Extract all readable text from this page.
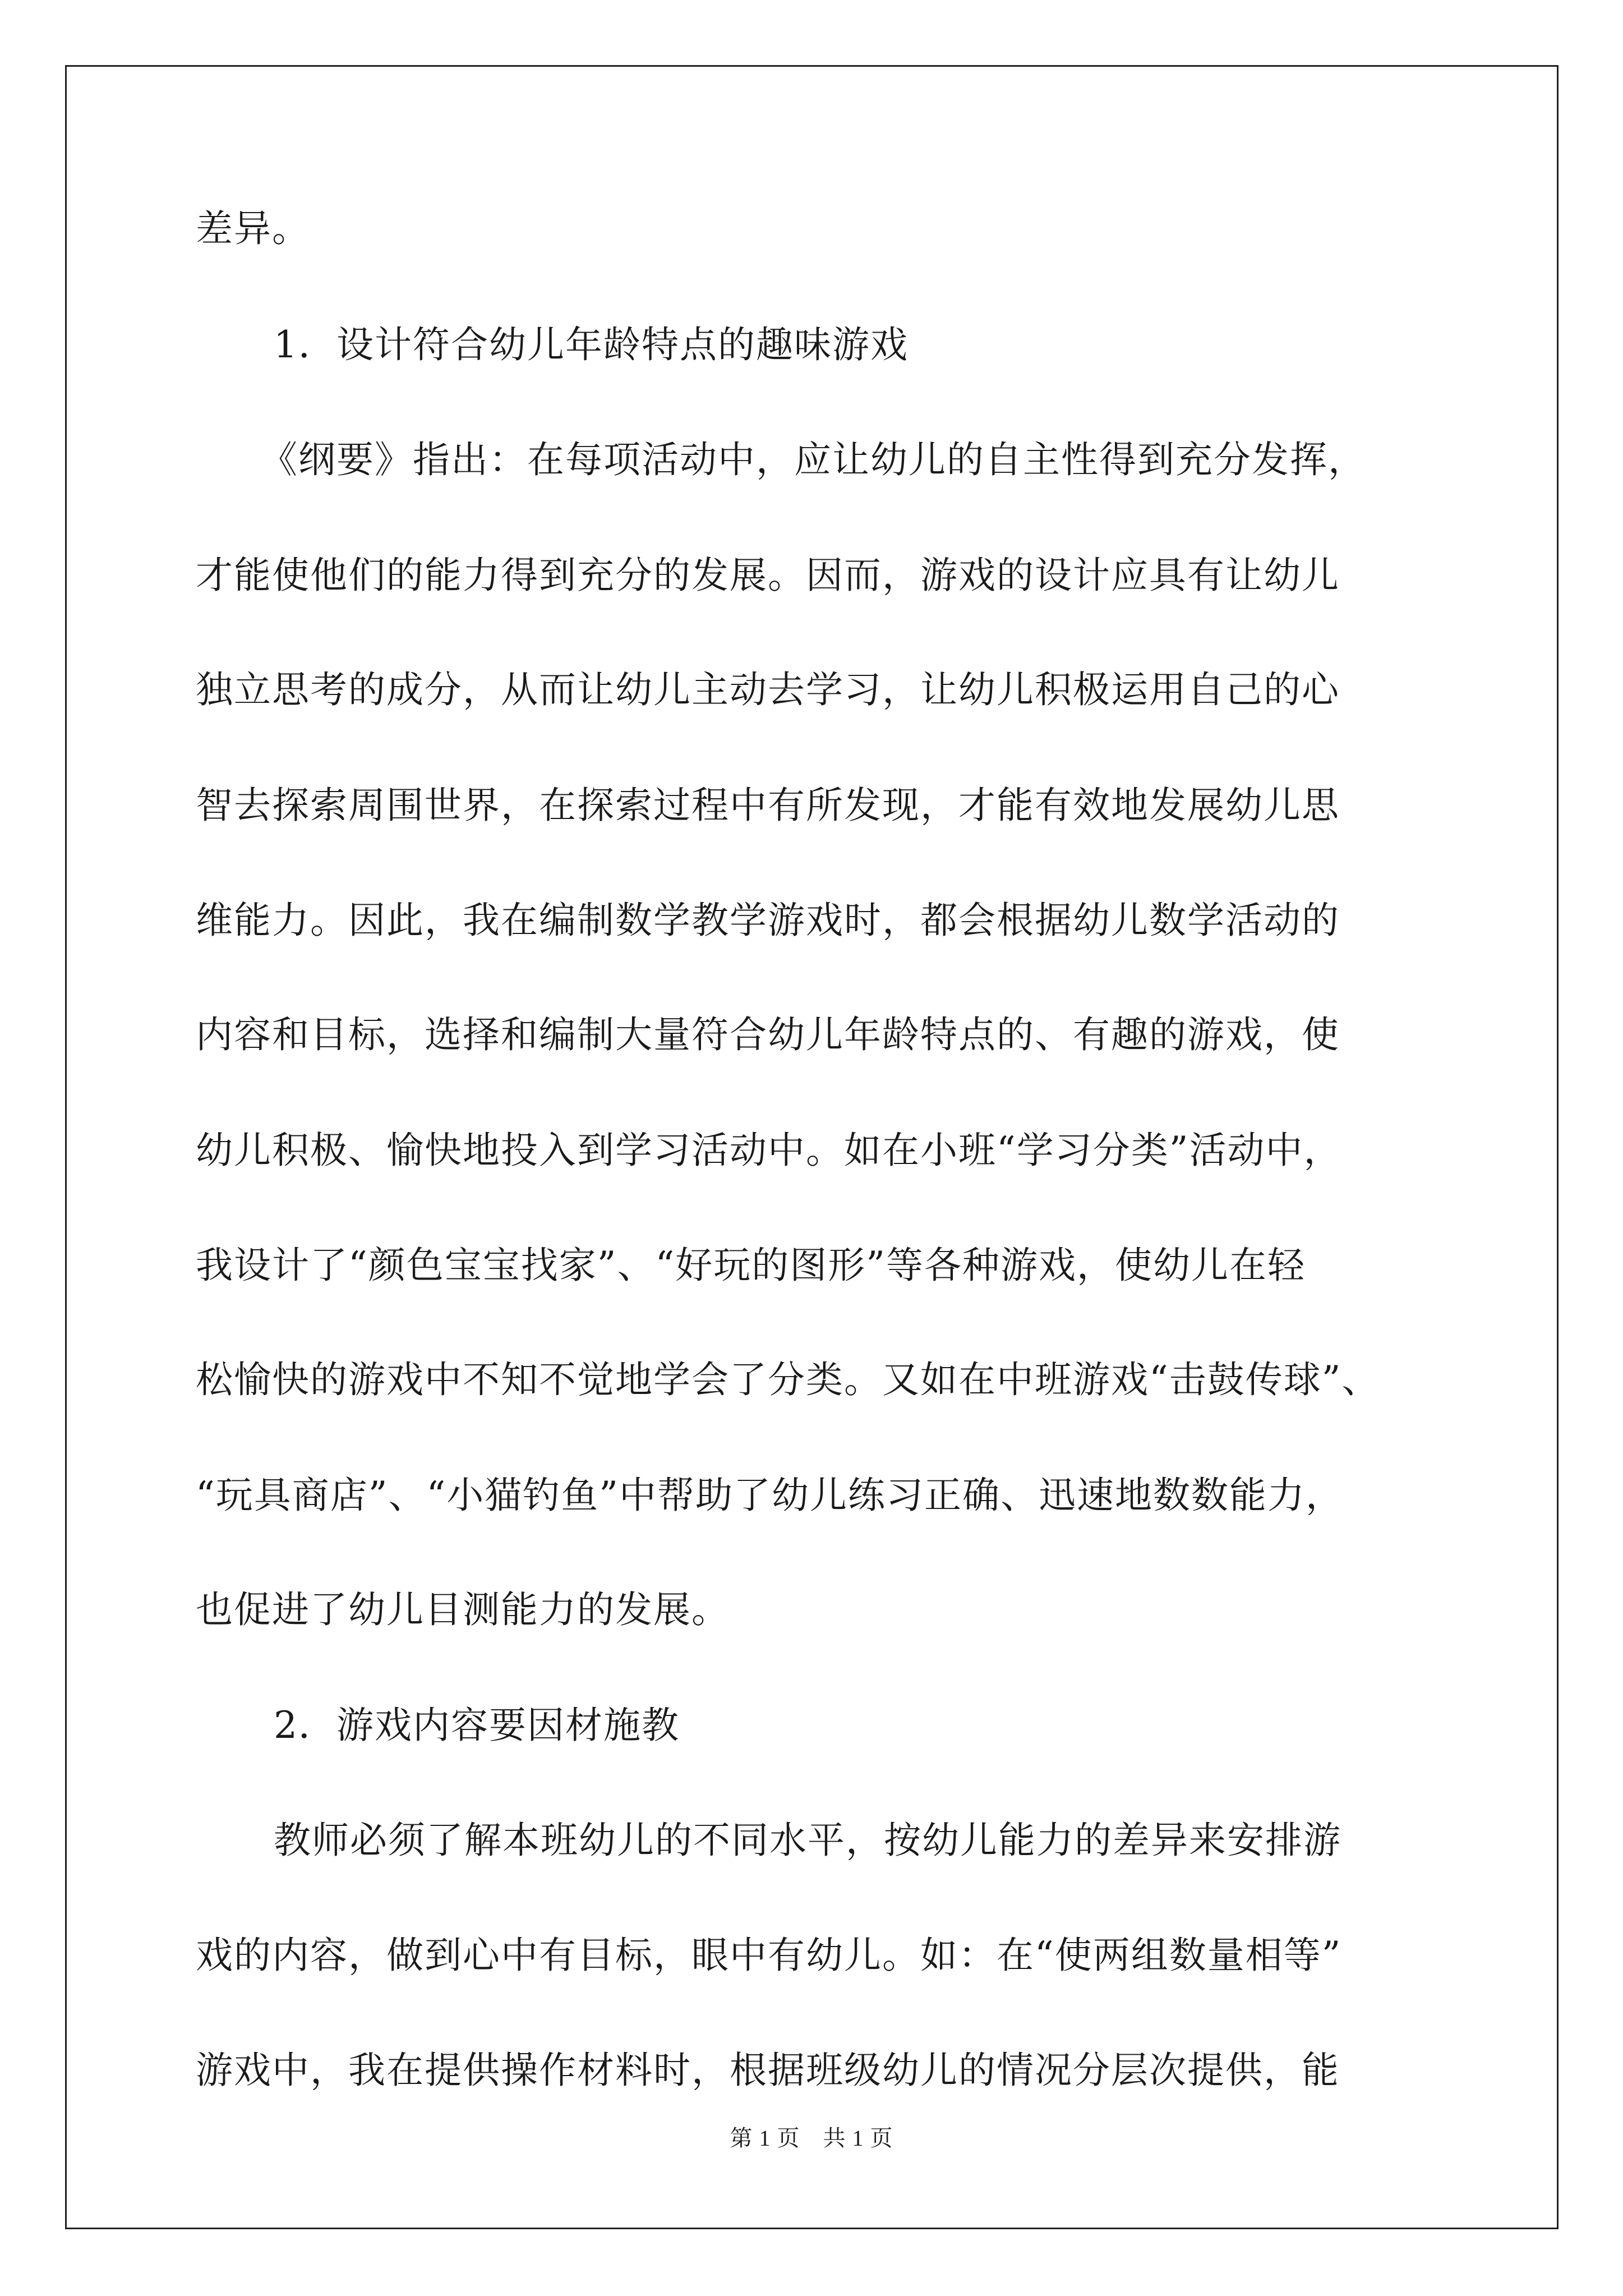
差异。
1．设计符合幼儿年龄特点的趣味游戏
《纲要》指出：在每项活动中，应让幼儿的自主性得到充分发挥，
才能使他们的能力得到充分的发展。因而，游戏的设计应具有让幼儿
独立思考的成分，从而让幼儿主动去学习，让幼儿积极运用自己的心
智去探索周围世界，在探索过程中有所发现，才能有效地发展幼儿思
维能力。因此，我在编制数学教学游戏时，都会根据幼儿数学活动的
内容和目标，选择和编制大量符合幼儿年龄特点的、有趣的游戏，使
幼儿积极、愉快地投入到学习活动中。如在小班“学习分类”活动中，
我设计了“颜色宝宝找家”、“好玩的图形”等各种游戏，使幼儿在轻
松愉快的游戏中不知不觉地学会了分类。又如在中班游戏“击鼓传球”、
“玩具商店”、“小猫钓鱼”中帮助了幼儿练习正确、迅速地数数能力，
也促进了幼儿目测能力的发展。
2．游戏内容要因材施教
教师必须了解本班幼儿的不同水平，按幼儿能力的差异来安排游
戏的内容，做到心中有目标，眼中有幼儿。如：在“使两组数量相等”
游戏中，我在提供操作材料时，根据班级幼儿的情况分层次提供，能
第 1 页　共 1 页
